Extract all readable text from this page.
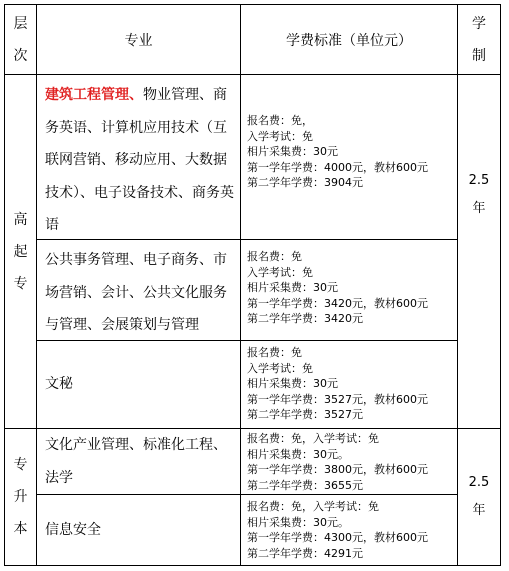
层
次
专业	学费标准（单位元）
学
制
高
起
专
2.5
年
建筑工程管理、物业管理、商务英语、计算机应用技术（互联网营销、移动应用、大数据技术）、电子设备技术、商务英语
报名费：免，
入学考试：免
相片采集费：30元
第一学年学费：4000元，教材600元
第二学年学费：3904元
公共事务管理、电子商务、市场营销、会计、公共文化服务与管理、会展策划与管理
报名费：免
入学考试：免
相片采集费：30元
第一学年学费：3420元，教材600元
第二学年学费：3420元
文秘
报名费：免
入学考试：免
相片采集费：30元
第一学年学费：3527元，教材600元
第二学年学费：3527元
专
升
本
2.5
年
文化产业管理、标准化工程、法学
报名费：免，入学考试：免
相片采集费：30元。
第一学年学费：3800元，教材600元
第二学年学费：3655元
信息安全
报名费：免，入学考试：免
相片采集费：30元。
第一学年学费：4300元，教材600元
第二学年学费：4291元
